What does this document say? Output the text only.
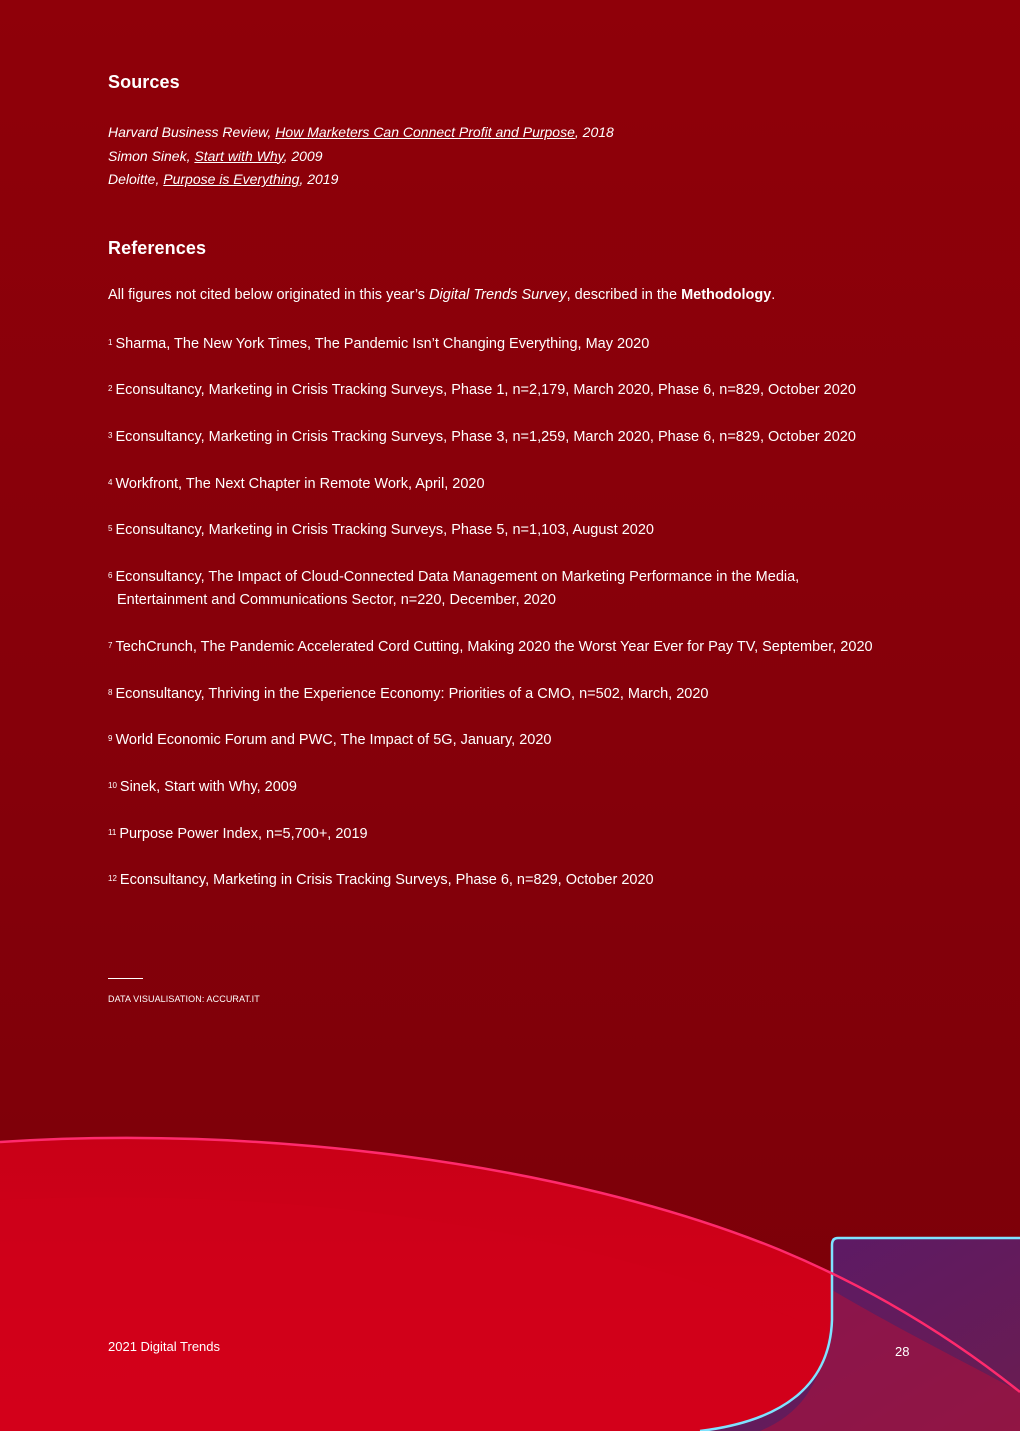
Sources
Harvard Business Review, How Marketers Can Connect Profit and Purpose, 2018
Simon Sinek, Start with Why, 2009
Deloitte, Purpose is Everything, 2019
References
All figures not cited below originated in this year’s Digital Trends Survey, described in the Methodology.
$^1$ Sharma, The New York Times, The Pandemic Isn’t Changing Everything, May 2020
$^2$ Econsultancy, Marketing in Crisis Tracking Surveys, Phase 1, n=2,179, March 2020, Phase 6, n=829, October 2020
$^3$ Econsultancy, Marketing in Crisis Tracking Surveys, Phase 3, n=1,259, March 2020, Phase 6, n=829, October 2020
$^4$ Workfront, The Next Chapter in Remote Work, April, 2020
$^5$ Econsultancy, Marketing in Crisis Tracking Surveys, Phase 5, n=1,103, August 2020
$^6$ Econsultancy, The Impact of Cloud-Connected Data Management on Marketing Performance in the Media,
Entertainment and Communications Sector, n=220, December, 2020
$^7$ TechCrunch, The Pandemic Accelerated Cord Cutting, Making 2020 the Worst Year Ever for Pay TV, September, 2020
$^8$ Econsultancy, Thriving in the Experience Economy: Priorities of a CMO, n=502, March, 2020
$^9$ World Economic Forum and PWC, The Impact of 5G, January, 2020
$^{10}$ Sinek, Start with Why, 2009
$^{11}$ Purpose Power Index, n=5,700+, 2019
$^{12}$ Econsultancy, Marketing in Crisis Tracking Surveys, Phase 6, n=829, October 2020
DATA VISUALISATION: ACCURAT.IT
2021 Digital Trends	28
